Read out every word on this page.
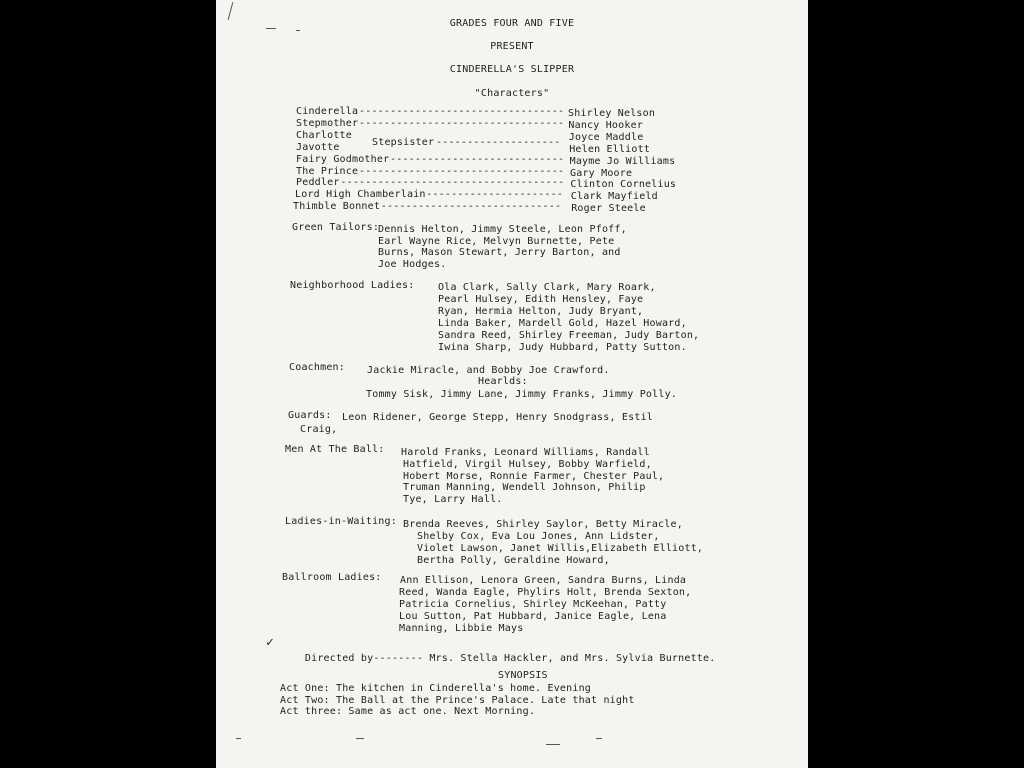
GRADES FOUR AND FIVE
PRESENT
CINDERELLA'S SLIPPER
"Characters"
Cinderella --------------------------------- Shirley Nelson
Stepmother --------------------------------- Nancy Hooker
Charlotte	Joyce Maddle
Javotte	Helen Elliott
Fairy Godmother ---------------------------- Mayme Jo Williams
The Prince --------------------------------- Gary Moore
Peddler ------------------------------------ Clinton Cornelius
Lord High Chamberlain ---------------------- Clark Mayfield
Thimble Bonnet ----------------------------- Roger Steele
Stepsister --------------------
Green Tailors:
Dennis Helton, Jimmy Steele, Leon Pfoff,
Earl Wayne Rice, Melvyn Burnette, Pete
Burns, Mason Stewart, Jerry Barton, and
Joe Hodges.
Neighborhood Ladies: Ola Clark, Sally Clark, Mary Roark,
Pearl Hulsey, Edith Hensley, Faye
Ryan, Hermia Helton, Judy Bryant,
Linda Baker, Mardell Gold, Hazel Howard,
Sandra Reed, Shirley Freeman, Judy Barton,
Iwina Sharp, Judy Hubbard, Patty Sutton.
Coachmen: Jackie Miracle, and Bobby Joe Crawford.
Hearlds:
Tommy Sisk, Jimmy Lane, Jimmy Franks, Jimmy Polly.
Guards: Leon Ridener, George Stepp, Henry Snodgrass, Estil
Craig,
Men At The Ball: Harold Franks, Leonard Williams, Randall
Hatfield, Virgil Hulsey, Bobby Warfield,
Hobert Morse, Ronnie Farmer, Chester Paul,
Truman Manning, Wendell Johnson, Philip
Tye, Larry Hall.
Ladies-in-Waiting: Brenda Reeves, Shirley Saylor, Betty Miracle,
Shelby Cox, Eva Lou Jones, Ann Lidster,
Violet Lawson, Janet Willis,Elizabeth Elliott,
Bertha Polly, Geraldine Howard,
Ballroom Ladies: Ann Ellison, Lenora Green, Sandra Burns, Linda
Reed, Wanda Eagle, Phylirs Holt, Brenda Sexton,
Patricia Cornelius, Shirley McKeehan, Patty
Lou Sutton, Pat Hubbard, Janice Eagle, Lena
Manning, Libbie Mays
✓

Directed by-------- Mrs. Stella Hackler, and Mrs. Sylvia Burnette.

SYNOPSIS
Act One: The kitchen in Cinderella's home. Evening
Act Two: The Ball at the Prince's Palace. Late that night
Act three: Same as act one. Next Morning.
